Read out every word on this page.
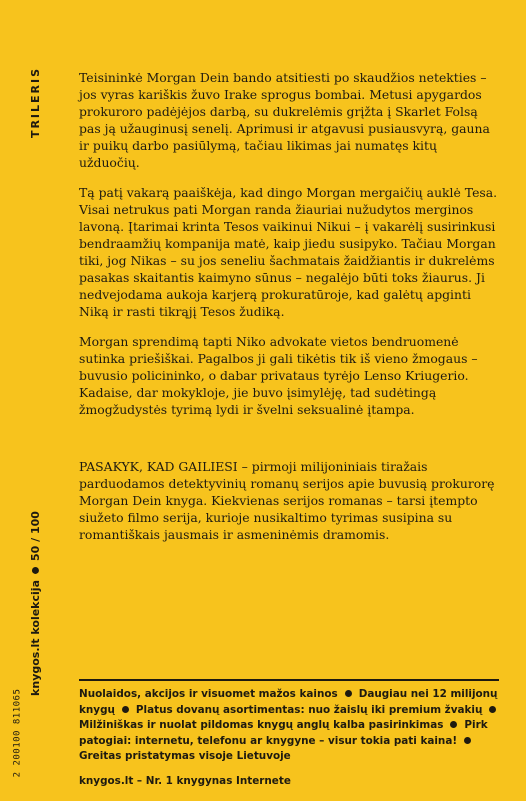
TRILERIS
knygos.lt kolekcija
50 / 100
2 200100 811065

Teisininkė Morgan Dein bando atsitiesti po skaudžios netekties – jos vyras kariškis žuvo Irake sprogus bombai. Metusi apygardos prokuroro padėjėjos darbą, su dukrelėmis grįžta į Skarlet Folsą pas ją užauginusį senelį. Aprimusi ir atgavusi pusiausvyrą, gauna ir puikų darbo pasiūlymą, tačiau likimas jai numatęs kitų užduočių.

Tą patį vakarą paaiškėja, kad dingo Morgan mergaičių auklė Tesa. Visai netrukus pati Morgan randa žiauriai nužudytos merginos lavoną. Įtarimai krinta Tesos vaikinui Nikui – į vakarėlį susirinkusi bendraamžių kompanija matė, kaip jiedu susipyko. Tačiau Morgan tiki, jog Nikas – su jos seneliu šachmatais žaidžiantis ir dukrelėms pasakas skaitantis kaimyno sūnus – negalėjo būti toks žiaurus. Ji nedvejodama aukoja karjerą prokuratūroje, kad galėtų apginti Niką ir rasti tikrąjį Tesos žudiką.

Morgan sprendimą tapti Niko advokate vietos bendruomenė sutinka priešiškai. Pagalbos ji gali tikėtis tik iš vieno žmogaus – buvusio policininko, o dabar privataus tyrėjo Lenso Kriugerio. Kadaise, dar mokykloje, jie buvo įsimylėję, tad sudėtingą žmogžudystės tyrimą lydi ir švelni seksualinė įtampa.

PASAKYK, KAD GAILIESI – pirmoji milijoniniais tiražais parduodamos detektyvinių romanų serijos apie buvusią prokurorę Morgan Dein knyga. Kiekvienas serijos romanas – tarsi įtempto siužeto filmo serija, kurioje nusikaltimo tyrimas susipina su romantiškais jausmais ir asmeninėmis dramomis.

Nuolaidos, akcijos ir visuomet mažos kainos Daugiau nei 12 milijonų knygų Platus dovanų asortimentas: nuo žaislų iki premium žvakiųMilžiniškas ir nuolat pildomas knygų anglų kalba pasirinkimas Pirk patogiai: internetu, telefonu ar knygyne – visur tokia pati kaina!Greitas pristatymas visoje Lietuvoje
knygos.lt – Nr. 1 knygynas Internete
